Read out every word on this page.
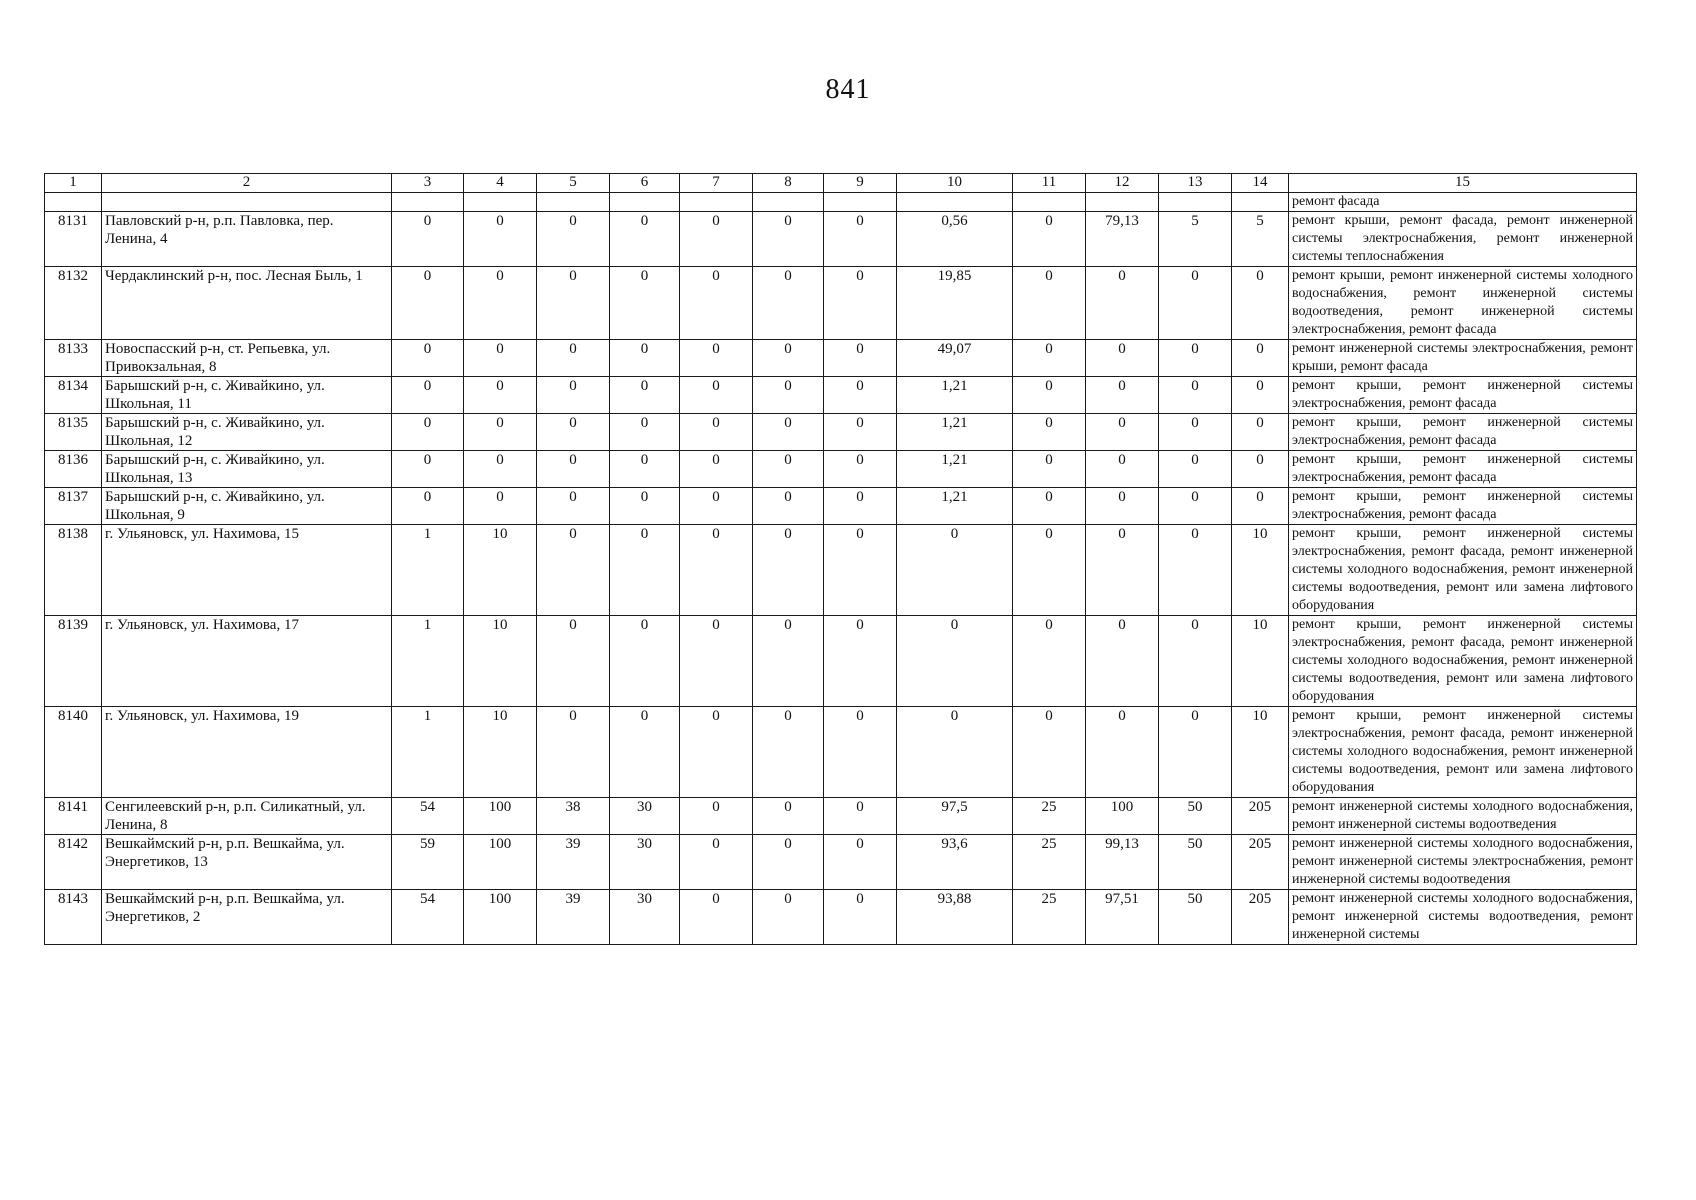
841
1	2	3	4	5	6	7	8	9	10	11	12	13	14	15
														ремонт фасада
8131	Павловский р-н, р.п. Павловка, пер. Ленина, 4	0	0	0	0	0	0	0	0,56	0	79,13	5	5	ремонт крыши, ремонт фасада, ремонт инженерной системы электроснабжения, ремонт инженерной системы теплоснабжения
8132	Чердаклинский р-н, пос. Лесная Быль, 1	0	0	0	0	0	0	0	19,85	0	0	0	0	ремонт крыши, ремонт инженерной системы холодного водоснабжения, ремонт инженерной системы водоотведения, ремонт инженерной системы электроснабжения, ремонт фасада
8133	Новоспасский р-н, ст. Репьевка, ул. Привокзальная, 8	0	0	0	0	0	0	0	49,07	0	0	0	0	ремонт инженерной системы электроснабжения, ремонт крыши, ремонт фасада
8134	Барышский р-н, с. Живайкино, ул. Школьная, 11	0	0	0	0	0	0	0	1,21	0	0	0	0	ремонт крыши, ремонт инженерной системы электроснабжения, ремонт фасада
8135	Барышский р-н, с. Живайкино, ул. Школьная, 12	0	0	0	0	0	0	0	1,21	0	0	0	0	ремонт крыши, ремонт инженерной системы электроснабжения, ремонт фасада
8136	Барышский р-н, с. Живайкино, ул. Школьная, 13	0	0	0	0	0	0	0	1,21	0	0	0	0	ремонт крыши, ремонт инженерной системы электроснабжения, ремонт фасада
8137	Барышский р-н, с. Живайкино, ул. Школьная, 9	0	0	0	0	0	0	0	1,21	0	0	0	0	ремонт крыши, ремонт инженерной системы электроснабжения, ремонт фасада
8138	г. Ульяновск, ул. Нахимова, 15	1	10	0	0	0	0	0	0	0	0	0	10	ремонт крыши, ремонт инженерной системы электроснабжения, ремонт фасада, ремонт инженерной системы холодного водоснабжения, ремонт инженерной системы водоотведения, ремонт или замена лифтового оборудования
8139	г. Ульяновск, ул. Нахимова, 17	1	10	0	0	0	0	0	0	0	0	0	10	ремонт крыши, ремонт инженерной системы электроснабжения, ремонт фасада, ремонт инженерной системы холодного водоснабжения, ремонт инженерной системы водоотведения, ремонт или замена лифтового оборудования
8140	г. Ульяновск, ул. Нахимова, 19	1	10	0	0	0	0	0	0	0	0	0	10	ремонт крыши, ремонт инженерной системы электроснабжения, ремонт фасада, ремонт инженерной системы холодного водоснабжения, ремонт инженерной системы водоотведения, ремонт или замена лифтового оборудования
8141	Сенгилеевский р-н, р.п. Силикатный, ул. Ленина, 8	54	100	38	30	0	0	0	97,5	25	100	50	205	ремонт инженерной системы холодного водоснабжения, ремонт инженерной системы водоотведения
8142	Вешкаймский р-н, р.п. Вешкайма, ул. Энергетиков, 13	59	100	39	30	0	0	0	93,6	25	99,13	50	205	ремонт инженерной системы холодного водоснабжения, ремонт инженерной системы электроснабжения, ремонт инженерной системы водоотведения
8143	Вешкаймский р-н, р.п. Вешкайма, ул. Энергетиков, 2	54	100	39	30	0	0	0	93,88	25	97,51	50	205	ремонт инженерной системы холодного водоснабжения, ремонт инженерной системы водоотведения, ремонт инженерной системы
